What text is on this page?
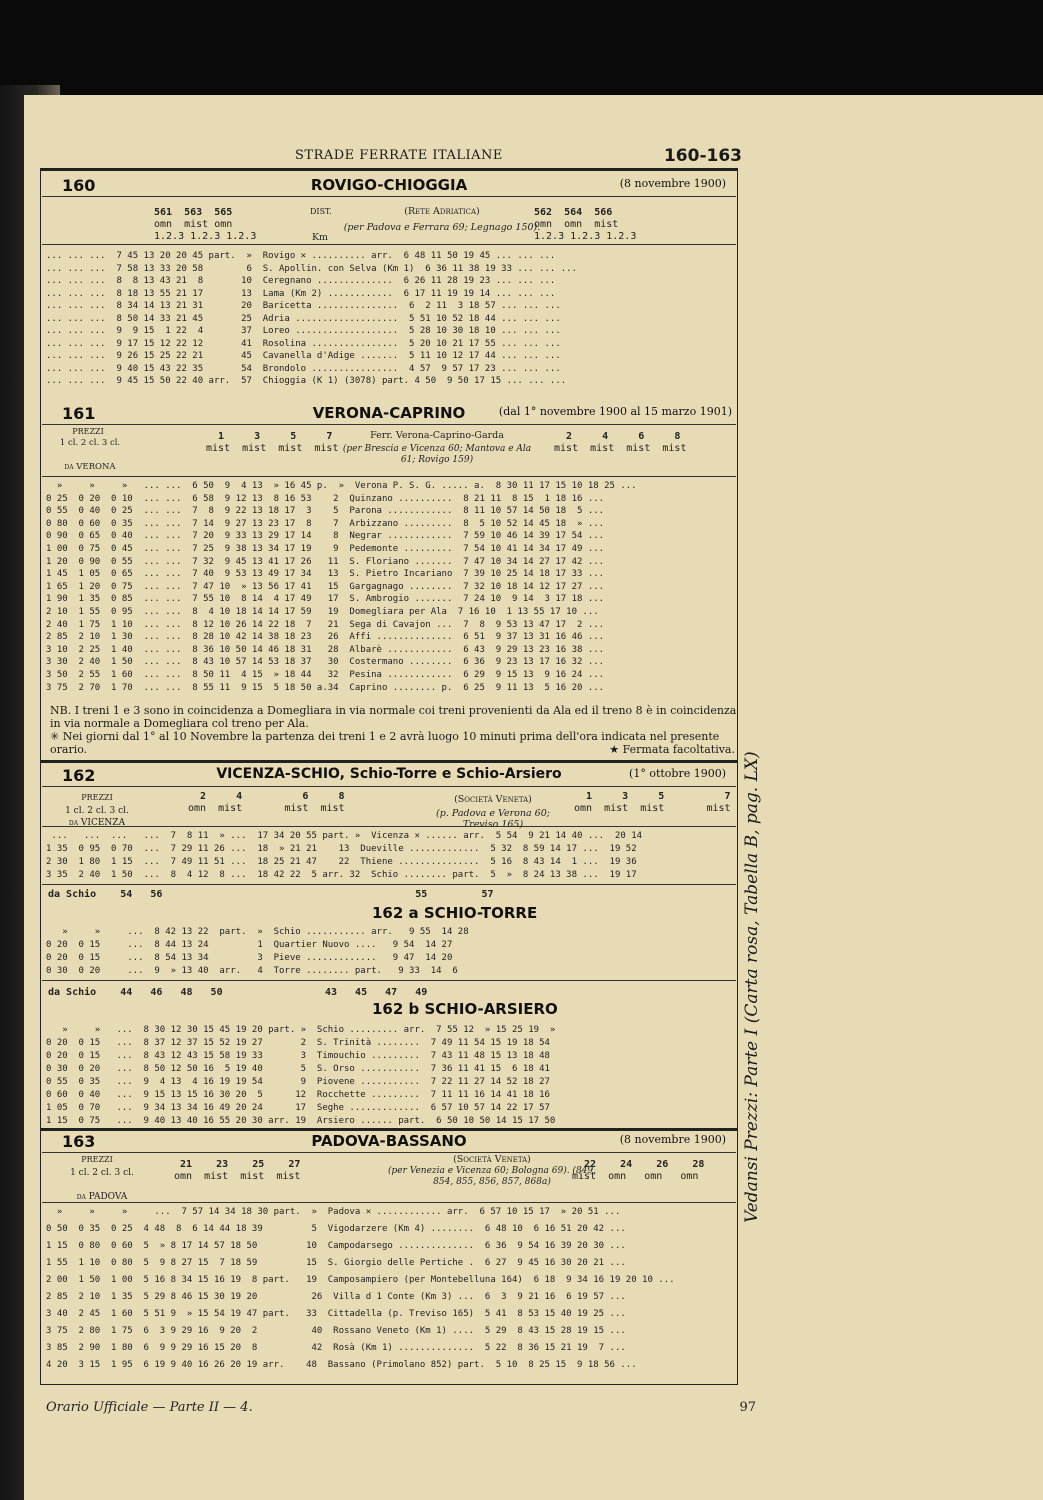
STRADE FERRATE ITALIANE	160-163
160	ROVIGO-CHIOGGIA	(8 novembre 1900)
561  563  565
omn  mist omn
1.2.3 1.2.3 1.2.3
DIST.
Km
(Rete Adriatica)
(per Padova e Ferrara 69; Legnago 150).
562  564  566
omn  omn  mist
1.2.3 1.2.3 1.2.3
... ... ...  7 45 13 20 20 45 part.  »  Rovigo ✕ .......... arr.  6 48 11 50 19 45 ... ... ...
... ... ...  7 58 13 33 20 58        6  S. Apollin. con Selva (Km 1)  6 36 11 38 19 33 ... ... ...
... ... ...  8  8 13 43 21  8       10  Ceregnano ..............  6 26 11 28 19 23 ... ... ...
... ... ...  8 18 13 55 21 17       13  Lama (Km 2) ............  6 17 11 19 19 14 ... ... ...
... ... ...  8 34 14 13 21 31       20  Baricetta ...............  6  2 11  3 18 57 ... ... ...
... ... ...  8 50 14 33 21 45       25  Adria ...................  5 51 10 52 18 44 ... ... ...
... ... ...  9  9 15  1 22  4       37  Loreo ...................  5 28 10 30 18 10 ... ... ...
... ... ...  9 17 15 12 22 12       41  Rosolina ................  5 20 10 21 17 55 ... ... ...
... ... ...  9 26 15 25 22 21       45  Cavanella d'Adige .......  5 11 10 12 17 44 ... ... ...
... ... ...  9 40 15 43 22 35       54  Brondolo ................  4 57  9 57 17 23 ... ... ...
... ... ...  9 45 15 50 22 40 arr.  57  Chioggia (K 1) (3078) part. 4 50  9 50 17 15 ... ... ...
161	VERONA-CAPRINO	(dal 1° novembre 1900 al 15 marzo 1901)
PREZZI
1 cl. 2 cl. 3 cl.
da VERONA
1     3     5     7
mist  mist  mist  mist
Ferr. Verona-Caprino-Garda
(per Brescia e Vicenza 60; Mantova e Ala 61; Rovigo 159)
2     4     6     8
mist  mist  mist  mist
»     »     »   ... ...  6 50  9  4 13  » 16 45 p.  »  Verona P. S. G. ..... a.  8 30 11 17 15 10 18 25 ...
0 25  0 20  0 10  ... ...  6 58  9 12 13  8 16 53    2  Quinzano ..........  8 21 11  8 15  1 18 16 ...
0 55  0 40  0 25  ... ...  7  8  9 22 13 18 17  3    5  Parona ............  8 11 10 57 14 50 18  5 ...
0 80  0 60  0 35  ... ...  7 14  9 27 13 23 17  8    7  Arbizzano .........  8  5 10 52 14 45 18  » ...
0 90  0 65  0 40  ... ...  7 20  9 33 13 29 17 14    8  Negrar ............  7 59 10 46 14 39 17 54 ...
1 00  0 75  0 45  ... ...  7 25  9 38 13 34 17 19    9  Pedemonte .........  7 54 10 41 14 34 17 49 ...
1 20  0 90  0 55  ... ...  7 32  9 45 13 41 17 26   11  S. Floriano .......  7 47 10 34 14 27 17 42 ...
1 45  1 05  0 65  ... ...  7 40  9 53 13 49 17 34   13  S. Pietro Incariano  7 39 10 25 14 18 17 33 ...
1 65  1 20  0 75  ... ...  7 47 10  » 13 56 17 41   15  Gargagnago ........  7 32 10 18 14 12 17 27 ...
1 90  1 35  0 85  ... ...  7 55 10  8 14  4 17 49   17  S. Ambrogio .......  7 24 10  9 14  3 17 18 ...
2 10  1 55  0 95  ... ...  8  4 10 18 14 14 17 59   19  Domegliara per Ala  7 16 10  1 13 55 17 10 ...
2 40  1 75  1 10  ... ...  8 12 10 26 14 22 18  7   21  Sega di Cavajon ...  7  8  9 53 13 47 17  2 ...
2 85  2 10  1 30  ... ...  8 28 10 42 14 38 18 23   26  Affi ..............  6 51  9 37 13 31 16 46 ...
3 10  2 25  1 40  ... ...  8 36 10 50 14 46 18 31   28  Albarè ............  6 43  9 29 13 23 16 38 ...
3 30  2 40  1 50  ... ...  8 43 10 57 14 53 18 37   30  Costermano ........  6 36  9 23 13 17 16 32 ...
3 50  2 55  1 60  ... ...  8 50 11  4 15  » 18 44   32  Pesina ............  6 29  9 15 13  9 16 24 ...
3 75  2 70  1 70  ... ...  8 55 11  9 15  5 18 50 a.34  Caprino ........ p.  6 25  9 11 13  5 16 20 ...
NB. I treni 1 e 3 sono in coincidenza a Domegliara in via normale coi treni provenienti da Ala ed il treno 8 è in coincidenza in via normale a Domegliara col treno per Ala.
✳ Nei giorni dal 1° al 10 Novembre la partenza dei treni 1 e 2 avrà luogo 10 minuti prima dell'ora indicata nel presente orario.	★ Fermata facoltativa.
162	VICENZA-SCHIO, Schio-Torre e Schio-Arsiero	(1° ottobre 1900)
PREZZI
1 cl. 2 cl. 3 cl.
da VICENZA
2     4          6     8
omn  mist       mist  mist
(Società Veneta)
(p. Padova e Verona 60; Treviso 165)
1     3     5          7
omn  mist  mist       mist
...   ...  ...   ...  7  8 11  » ...  17 34 20 55 part. »  Vicenza ✕ ...... arr.  5 54  9 21 14 40 ...  20 14
1 35  0 95  0 70  ...  7 29 11 26 ...  18  » 21 21    13  Dueville .............  5 32  8 59 14 17 ...  19 52
2 30  1 80  1 15  ...  7 49 11 51 ...  18 25 21 47    22  Thiene ...............  5 16  8 43 14  1 ...  19 36
3 35  2 40  1 50  ...  8  4 12  8 ...  18 42 22  5 arr. 32  Schio ........ part.  5  »  8 24 13 38 ...  19 17
da Schio    54   56                                          55         57
162 a SCHIO-TORRE
»     »     ...  8 42 13 22  part.  »  Schio ........... arr.   9 55  14 28
0 20  0 15     ...  8 44 13 24         1  Quartier Nuovo ....   9 54  14 27
0 20  0 15     ...  8 54 13 34         3  Pieve .............   9 47  14 20
0 30  0 20     ...  9  » 13 40  arr.   4  Torre ........ part.   9 33  14  6
da Schio    44   46   48   50                 43   45   47   49
162 b SCHIO-ARSIERO
»     »   ...  8 30 12 30 15 45 19 20 part. »  Schio ......... arr.  7 55 12  » 15 25 19  »
0 20  0 15   ...  8 37 12 37 15 52 19 27       2  S. Trinità ........  7 49 11 54 15 19 18 54
0 20  0 15   ...  8 43 12 43 15 58 19 33       3  Timouchio .........  7 43 11 48 15 13 18 48
0 30  0 20   ...  8 50 12 50 16  5 19 40       5  S. Orso ...........  7 36 11 41 15  6 18 41
0 55  0 35   ...  9  4 13  4 16 19 19 54       9  Piovene ...........  7 22 11 27 14 52 18 27
0 60  0 40   ...  9 15 13 15 16 30 20  5      12  Rocchette .........  7 11 11 16 14 41 18 16
1 05  0 70   ...  9 34 13 34 16 49 20 24      17  Seghe .............  6 57 10 57 14 22 17 57
1 15  0 75   ...  9 40 13 40 16 55 20 30 arr. 19  Arsiero ...... part.  6 50 10 50 14 15 17 50
163	PADOVA-BASSANO	(8 novembre 1900)
PREZZI
1 cl. 2 cl. 3 cl.
da PADOVA
21    23    25    27
omn  mist  mist  mist
(Società Veneta)
(per Venezia e Vicenza 60; Bologna 69). (849, 854, 855, 856, 857, 868a)
22    24    26    28
mist  omn   omn   omn
»     »     »     ...  7 57 14 34 18 30 part.  »  Padova ✕ ............ arr.  6 57 10 15 17  » 20 51 ...
0 50  0 35  0 25  4 48  8  6 14 44 18 39         5  Vigodarzere (Km 4) ........  6 48 10  6 16 51 20 42 ...
1 15  0 80  0 60  5  » 8 17 14 57 18 50         10  Campodarsego ..............  6 36  9 54 16 39 20 30 ...
1 55  1 10  0 80  5  9 8 27 15  7 18 59         15  S. Giorgio delle Pertiche .  6 27  9 45 16 30 20 21 ...
2 00  1 50  1 00  5 16 8 34 15 16 19  8 part.   19  Camposampiero (per Montebelluna 164)  6 18  9 34 16 19 20 10 ...
2 85  2 10  1 35  5 29 8 46 15 30 19 20          26  Villa d 1 Conte (Km 3) ...  6  3  9 21 16  6 19 57 ...
3 40  2 45  1 60  5 51 9  » 15 54 19 47 part.   33  Cittadella (p. Treviso 165)  5 41  8 53 15 40 19 25 ...
3 75  2 80  1 75  6  3 9 29 16  9 20  2          40  Rossano Veneto (Km 1) ....  5 29  8 43 15 28 19 15 ...
3 85  2 90  1 80  6  9 9 29 16 15 20  8          42  Rosà (Km 1) ..............  5 22  8 36 15 21 19  7 ...
4 20  3 15  1 95  6 19 9 40 16 26 20 19 arr.    48  Bassano (Primolano 852) part.  5 10  8 25 15  9 18 56 ...
Orario Ufficiale — Parte II — 4.	97
Vedansi Prezzi: Parte I (Carta rosa, Tabella B, pag. LX)
